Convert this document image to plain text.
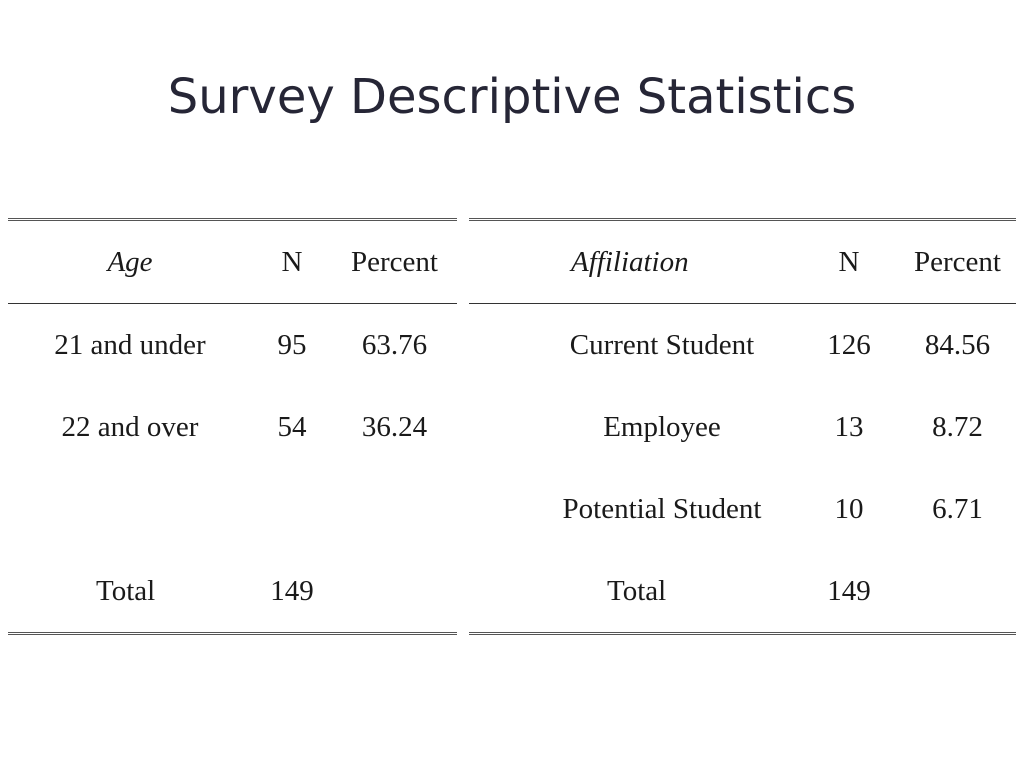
Survey Descriptive Statistics
Age	N	Percent
21 and under	95	63.76
22 and over	54	36.24

Total	149	
Affiliation	N	Percent
Current Student	126	84.56
Employee	13	8.72
Potential Student	10	6.71
Total	149	
